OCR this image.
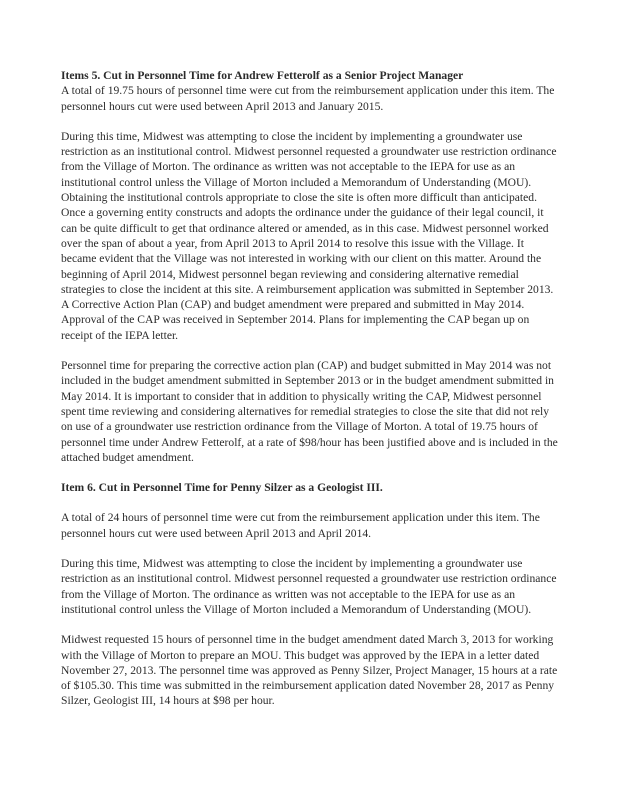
Items 5. Cut in Personnel Time for Andrew Fetterolf as a Senior Project Manager

A total of 19.75 hours of personnel time were cut from the reimbursement application under this item. The personnel hours cut were used between April 2013 and January 2015.

During this time, Midwest was attempting to close the incident by implementing a groundwater use restriction as an institutional control. Midwest personnel requested a groundwater use restriction ordinance from the Village of Morton. The ordinance as written was not acceptable to the IEPA for use as an institutional control unless the Village of Morton included a Memorandum of Understanding (MOU). Obtaining the institutional controls appropriate to close the site is often more difficult than anticipated. Once a governing entity constructs and adopts the ordinance under the guidance of their legal council, it can be quite difficult to get that ordinance altered or amended, as in this case. Midwest personnel worked over the span of about a year, from April 2013 to April 2014 to resolve this issue with the Village. It became evident that the Village was not interested in working with our client on this matter. Around the beginning of April 2014, Midwest personnel began reviewing and considering alternative remedial strategies to close the incident at this site. A reimbursement application was submitted in September 2013. A Corrective Action Plan (CAP) and budget amendment were prepared and submitted in May 2014. Approval of the CAP was received in September 2014. Plans for implementing the CAP began up on receipt of the IEPA letter.

Personnel time for preparing the corrective action plan (CAP) and budget submitted in May 2014 was not included in the budget amendment submitted in September 2013 or in the budget amendment submitted in May 2014. It is important to consider that in addition to physically writing the CAP, Midwest personnel spent time reviewing and considering alternatives for remedial strategies to close the site that did not rely on use of a groundwater use restriction ordinance from the Village of Morton. A total of 19.75 hours of personnel time under Andrew Fetterolf, at a rate of $98/hour has been justified above and is included in the attached budget amendment.

Item 6. Cut in Personnel Time for Penny Silzer as a Geologist III.

A total of 24 hours of personnel time were cut from the reimbursement application under this item. The personnel hours cut were used between April 2013 and April 2014.

During this time, Midwest was attempting to close the incident by implementing a groundwater use restriction as an institutional control. Midwest personnel requested a groundwater use restriction ordinance from the Village of Morton. The ordinance as written was not acceptable to the IEPA for use as an institutional control unless the Village of Morton included a Memorandum of Understanding (MOU).

Midwest requested 15 hours of personnel time in the budget amendment dated March 3, 2013 for working with the Village of Morton to prepare an MOU. This budget was approved by the IEPA in a letter dated November 27, 2013. The personnel time was approved as Penny Silzer, Project Manager, 15 hours at a rate of $105.30. This time was submitted in the reimbursement application dated November 28, 2017 as Penny Silzer, Geologist III, 14 hours at $98 per hour.
